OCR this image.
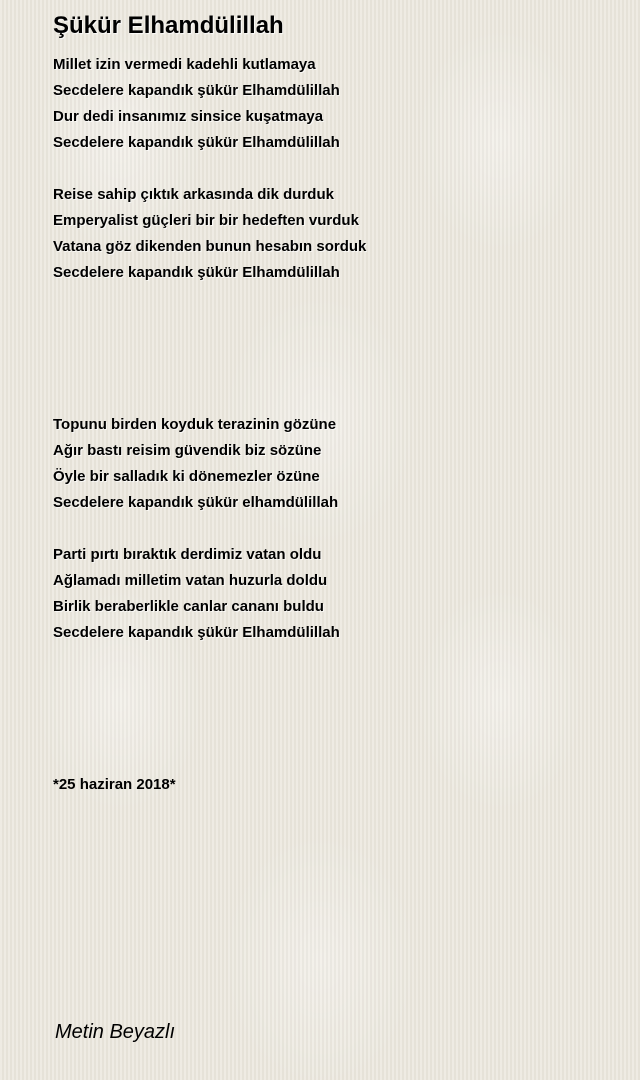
Şükür Elhamdülillah
Millet izin vermedi kadehli kutlamaya
Secdelere kapandık şükür Elhamdülillah
Dur dedi insanımız sinsice kuşatmaya
Secdelere kapandık şükür Elhamdülillah
Reise sahip çıktık arkasında dik durduk
Emperyalist güçleri bir bir hedeften vurduk
Vatana göz dikenden bunun hesabın sorduk
Secdelere kapandık şükür Elhamdülillah
Topunu birden koyduk terazinin gözüne
Ağır bastı reisim güvendik biz sözüne
Öyle bir salladık ki dönemezler özüne
Secdelere kapandık şükür elhamdülillah
Parti pırtı bıraktık derdimiz vatan oldu
Ağlamadı milletim vatan huzurla doldu
Birlik beraberlikle canlar cananı buldu
Secdelere kapandık şükür Elhamdülillah
*25 haziran 2018*
Metin Beyazlı
